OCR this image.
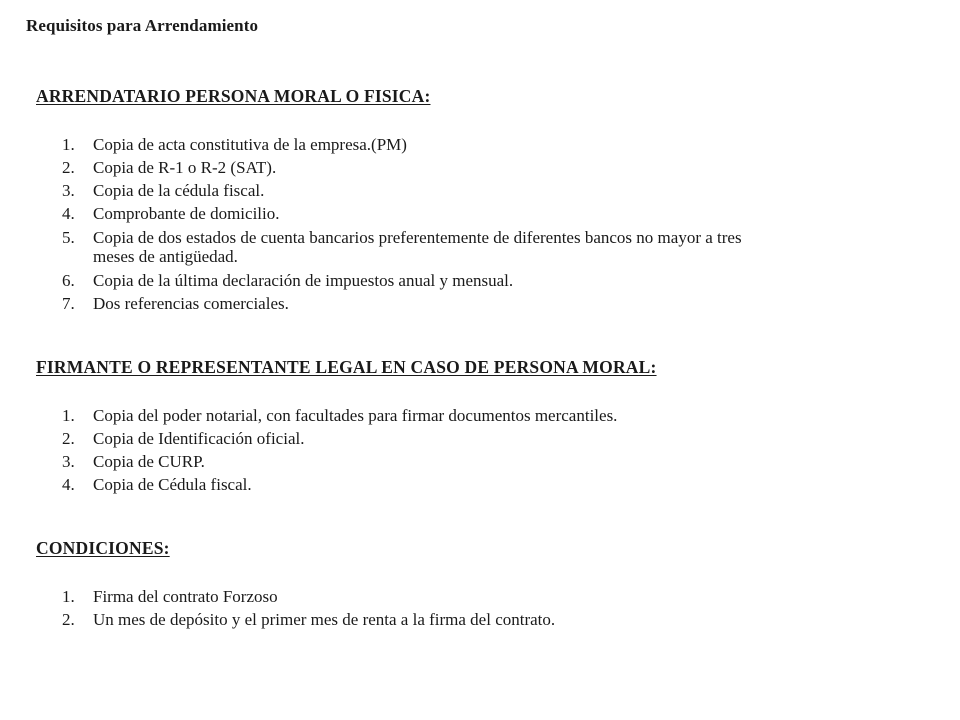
Requisitos para Arrendamiento
ARRENDATARIO PERSONA MORAL O FISICA:
1.	Copia de acta constitutiva de la empresa.(PM)
2.	Copia de R-1 o R-2 (SAT).
3.	Copia de la cédula fiscal.
4.	Comprobante de domicilio.
5.	Copia de dos estados de cuenta bancarios preferentemente de diferentes bancos no mayor a tres meses de antigüedad.
6.	Copia de la última declaración de impuestos anual y mensual.
7.	Dos referencias comerciales.
FIRMANTE O REPRESENTANTE LEGAL EN CASO DE PERSONA MORAL:
1.	Copia del poder notarial, con facultades para firmar documentos mercantiles.
2.	Copia de Identificación oficial.
3.	Copia de CURP.
4.	Copia de Cédula fiscal.
CONDICIONES:
1.	Firma del contrato Forzoso
2.	Un mes de depósito y el primer mes de renta a la firma del contrato.
